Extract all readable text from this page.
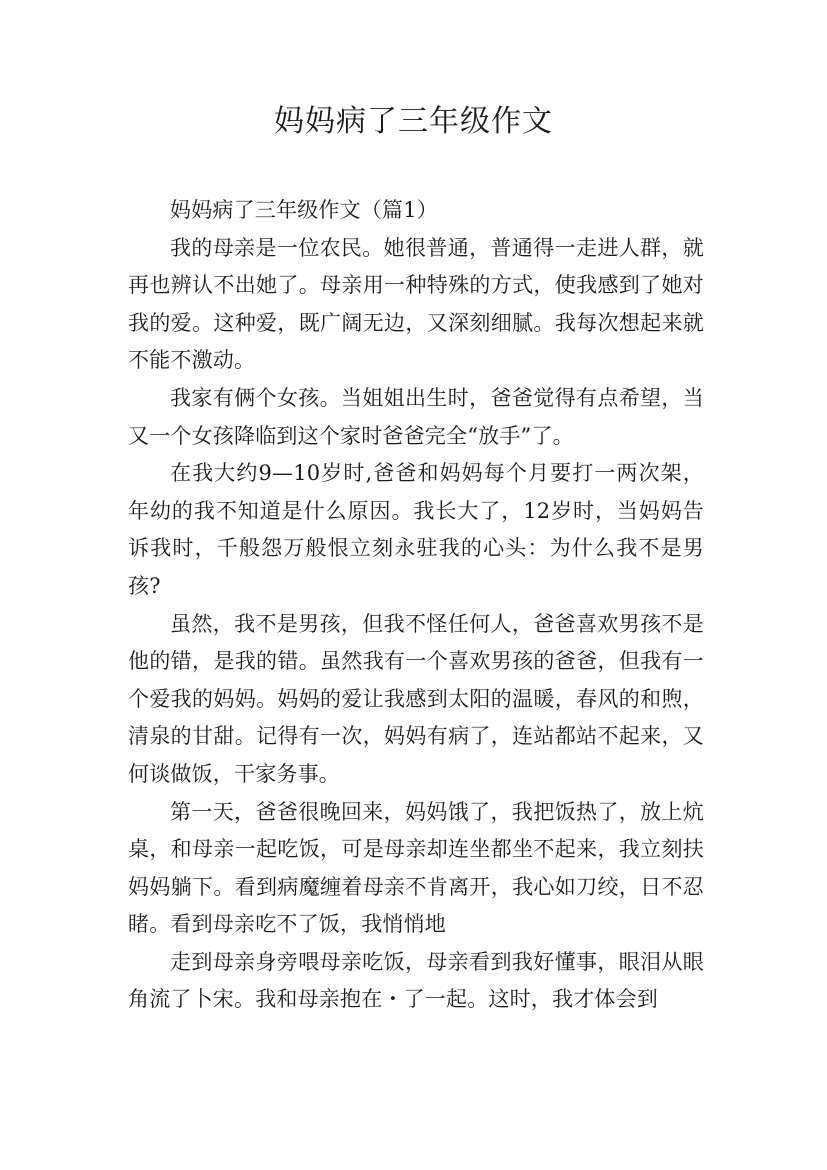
妈妈病了三年级作文

妈妈病了三年级作文（篇1）

我的母亲是一位农民。她很普通，普通得一走进人群，就再也辨认不出她了。母亲用一种特殊的方式，使我感到了她对我的爱。这种爱，既广阔无边，又深刻细腻。我每次想起来就不能不激动。

我家有俩个女孩。当姐姐出生时，爸爸觉得有点希望，当又一个女孩降临到这个家时爸爸完全“放手”了。

在我大约9—10岁时,爸爸和妈妈每个月要打一两次架，年幼的我不知道是什么原因。我长大了，12岁时，当妈妈告诉我时，千般怨万般恨立刻永驻我的心头：为什么我不是男孩?

虽然，我不是男孩，但我不怪任何人，爸爸喜欢男孩不是他的错，是我的错。虽然我有一个喜欢男孩的爸爸，但我有一个爱我的妈妈。妈妈的爱让我感到太阳的温暖，春风的和煦，清泉的甘甜。记得有一次，妈妈有病了，连站都站不起来，又何谈做饭，干家务事。

第一天，爸爸很晚回来，妈妈饿了，我把饭热了，放上炕桌，和母亲一起吃饭，可是母亲却连坐都坐不起来，我立刻扶妈妈躺下。看到病魔缠着母亲不肯离开，我心如刀绞，日不忍睹。看到母亲吃不了饭，我悄悄地

走到母亲身旁喂母亲吃饭，母亲看到我好懂事，眼泪从眼角流了卜宋。我和母亲抱在・了一起。这时，我才体会到
